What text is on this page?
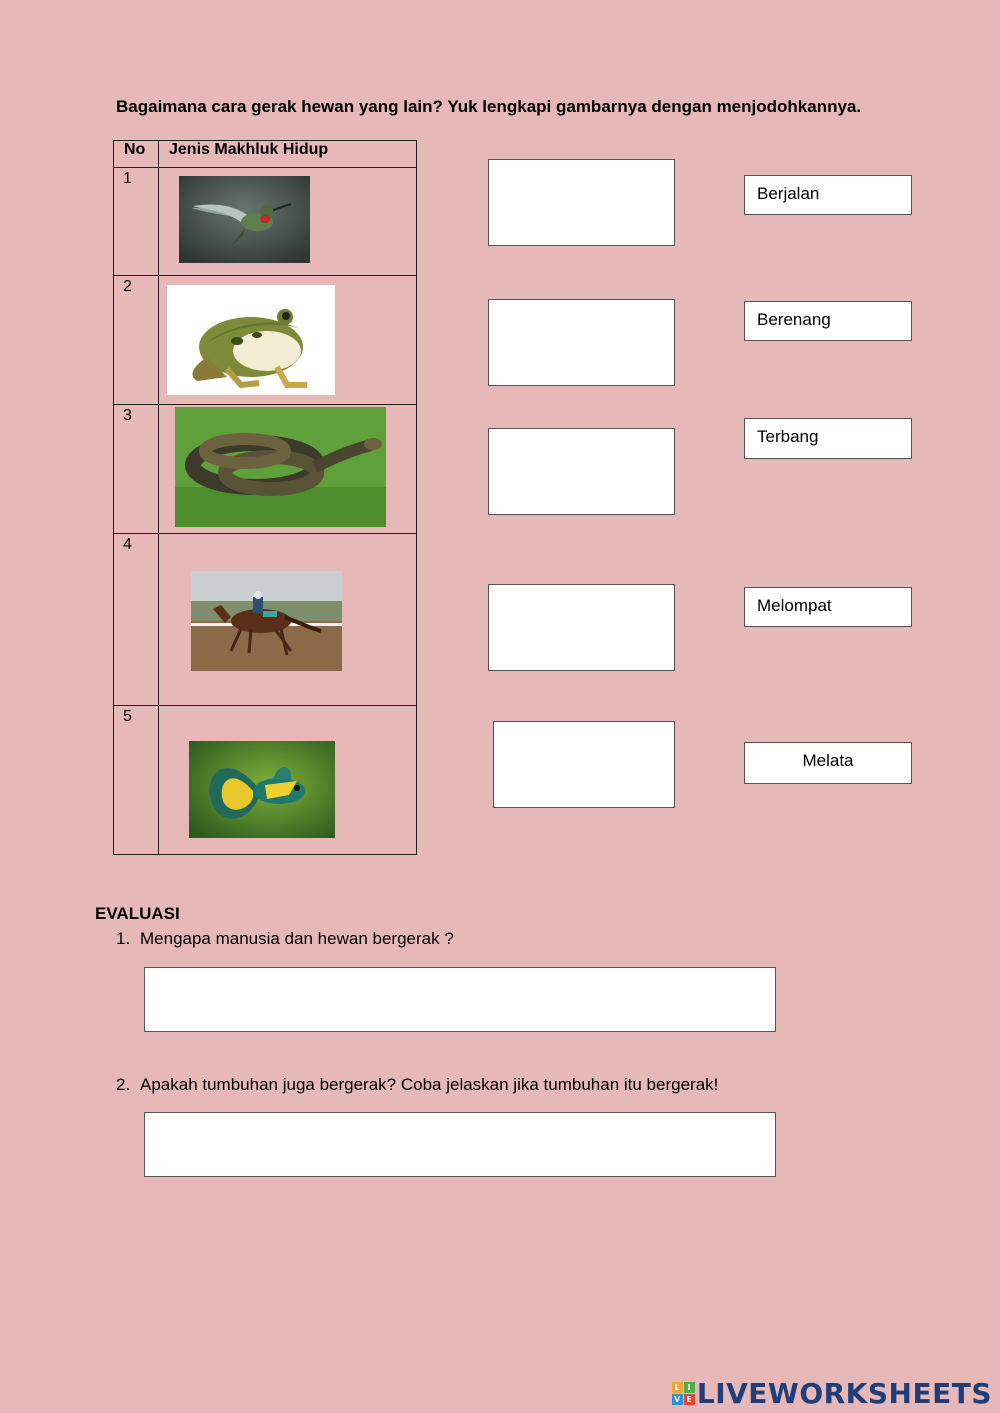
Bagaimana cara gerak hewan yang lain? Yuk lengkapi gambarnya dengan menjodohkannya.
No	Jenis Makhluk Hidup
1	

2	

3	

4	

5	
Berjalan
Berenang
Terbang
Melompat
Melata
EVALUASI
1. Mengapa manusia dan hewan bergerak ?
2. Apakah tumbuhan juga bergerak? Coba jelaskan jika tumbuhan itu bergerak!
L I
V E LIVEWORKSHEETS
